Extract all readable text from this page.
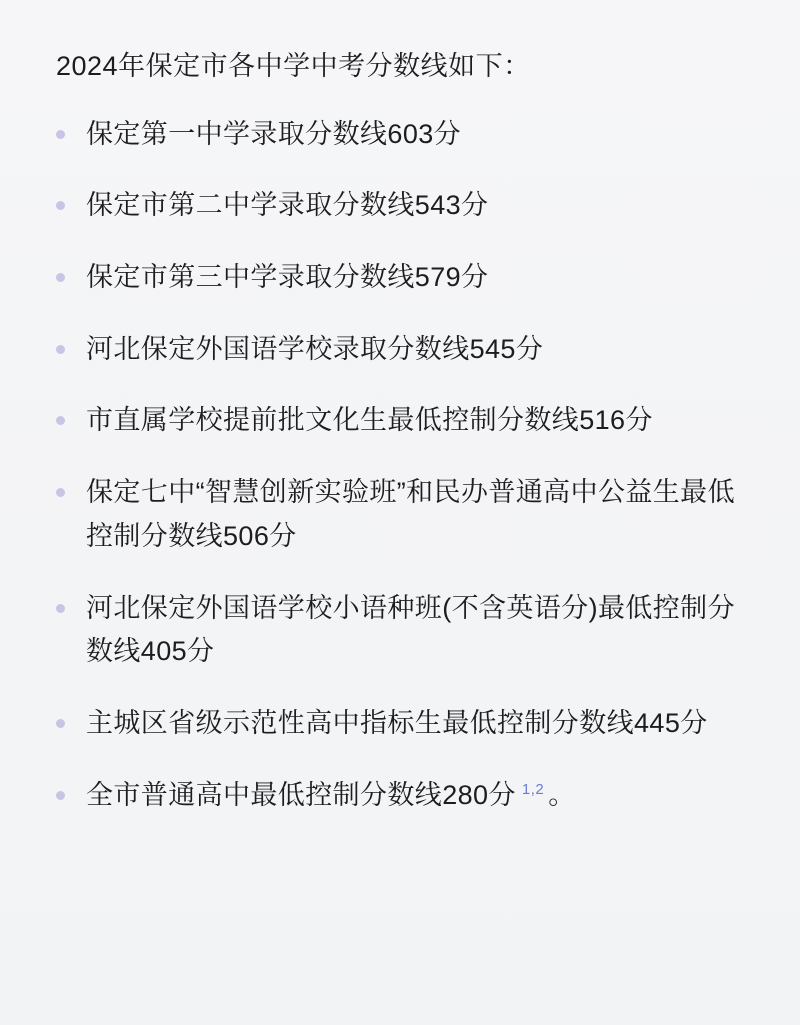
2024年保定市各中学中考分数线如下：
保定第一中学录取分数线603分
保定市第二中学录取分数线543分
保定市第三中学录取分数线579分
河北保定外国语学校录取分数线545分
市直属学校提前批文化生最低控制分数线516分
保定七中“智慧创新实验班”和民办普通高中公益生最低控制分数线506分
河北保定外国语学校小语种班(不含英语分)最低控制分数线405分
主城区省级示范性高中指标生最低控制分数线445分
全市普通高中最低控制分数线280分 $^{1,2}$ 。
